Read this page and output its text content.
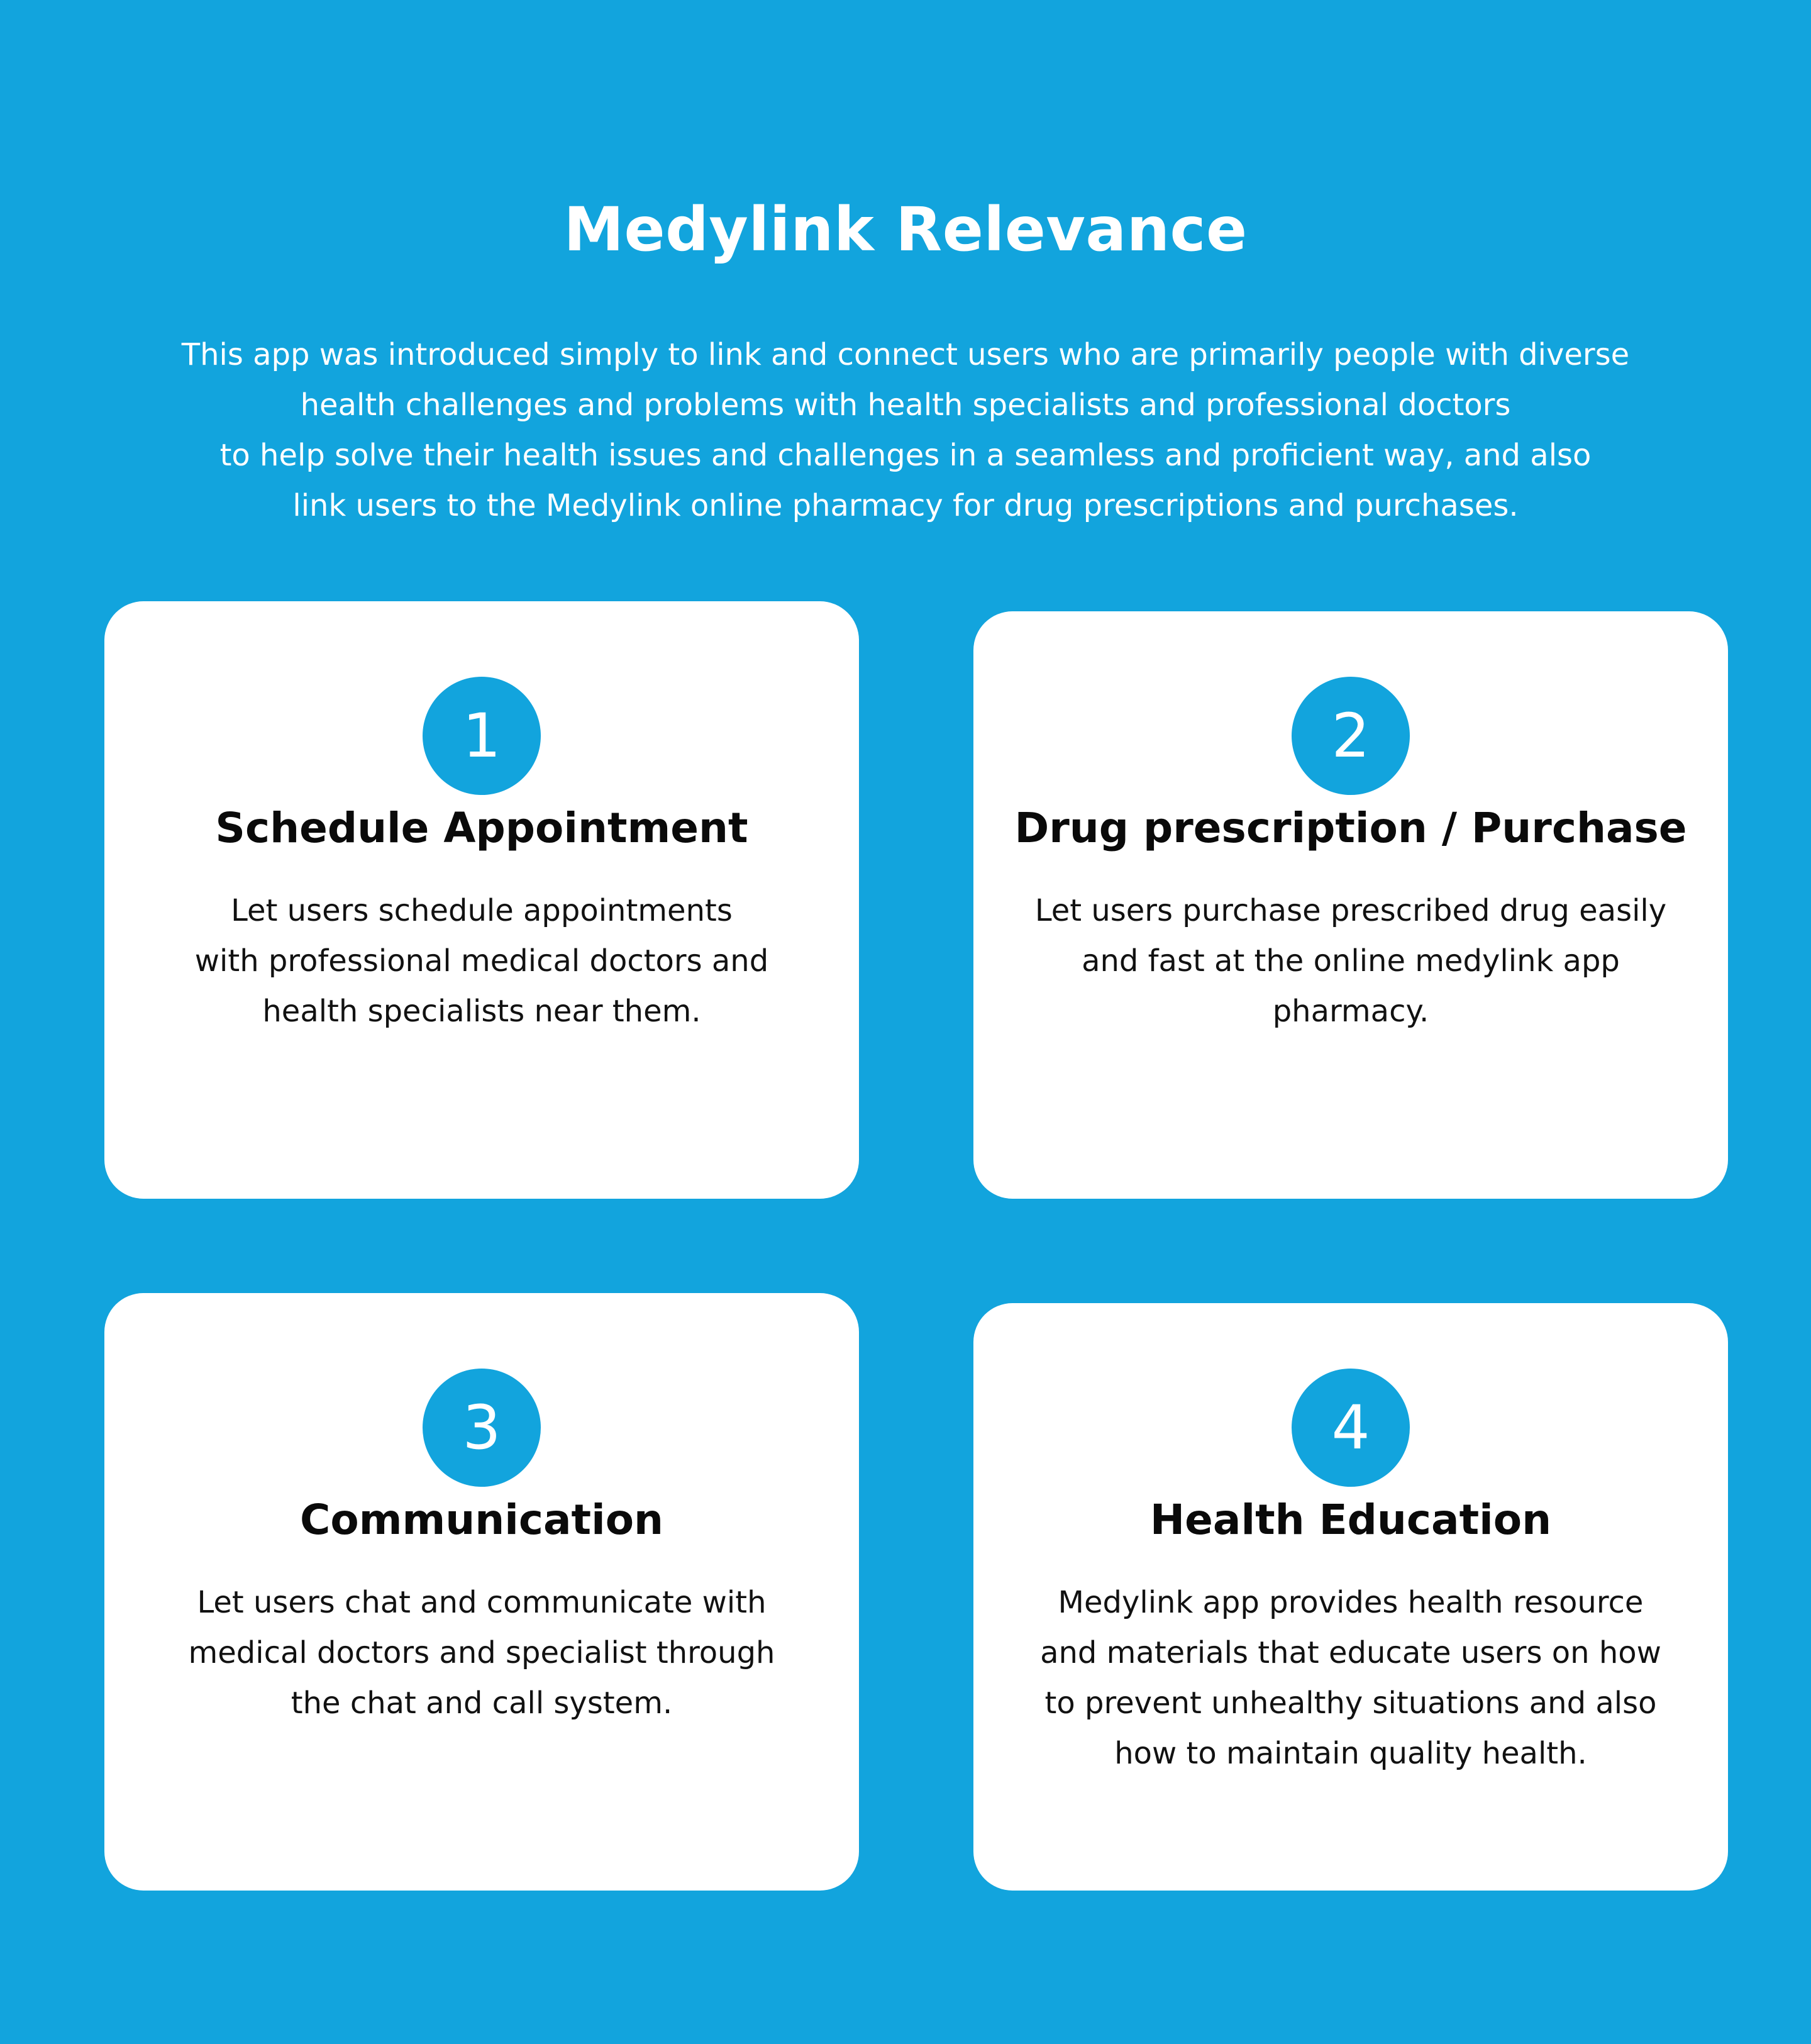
Medylink Relevance

This app was introduced simply to link and connect users who are primarily people with diverse
health challenges and problems with health specialists and professional doctors
to help solve their health issues and challenges in a seamless and proficient way, and also
link users to the Medylink online pharmacy for drug prescriptions and purchases.

1
Schedule Appointment
Let users schedule appointments
with professional medical doctors and
health specialists near them.
2
Drug prescription / Purchase
Let users purchase prescribed drug easily
and fast at the online medylink app
pharmacy.
3
Communication
Let users chat and communicate with
medical doctors and specialist through
the chat and call system.
4
Health Education
Medylink app provides health resource
and materials that educate users on how
to prevent unhealthy situations and also
how to maintain quality health.
